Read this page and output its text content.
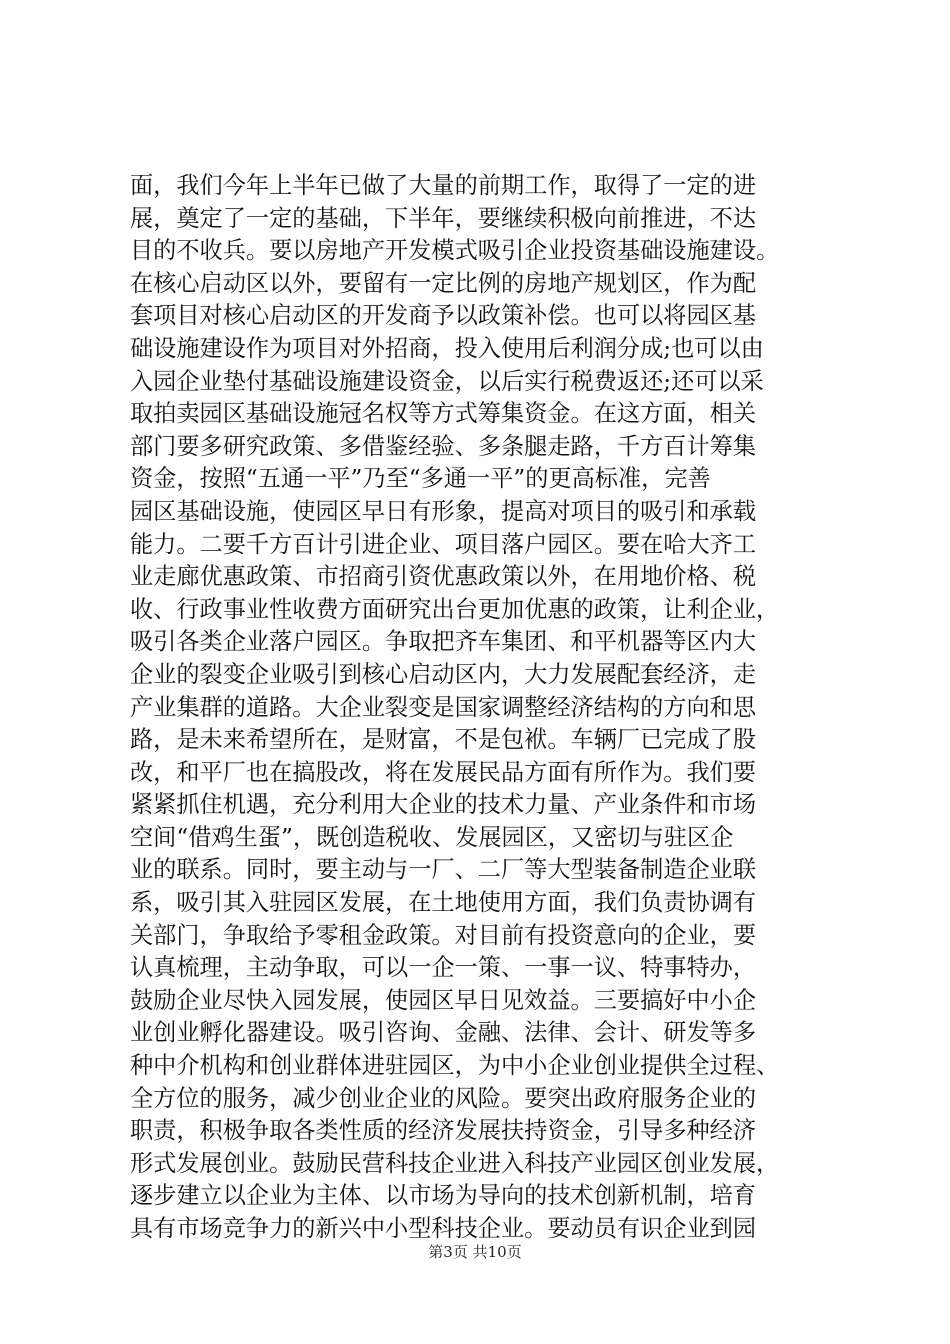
面，我们今年上半年已做了大量的前期工作，取得了一定的进
展，奠定了一定的基础，下半年，要继续积极向前推进，不达
目的不收兵。要以房地产开发模式吸引企业投资基础设施建设。
在核心启动区以外，要留有一定比例的房地产规划区，作为配
套项目对核心启动区的开发商予以政策补偿。也可以将园区基
础设施建设作为项目对外招商，投入使用后利润分成;也可以由
入园企业垫付基础设施建设资金，以后实行税费返还;还可以采
取拍卖园区基础设施冠名权等方式筹集资金。在这方面，相关
部门要多研究政策、多借鉴经验、多条腿走路，千方百计筹集
资金，按照“五通一平”乃至“多通一平”的更高标准，完善
园区基础设施，使园区早日有形象，提高对项目的吸引和承载
能力。二要千方百计引进企业、项目落户园区。要在哈大齐工
业走廊优惠政策、市招商引资优惠政策以外，在用地价格、税
收、行政事业性收费方面研究出台更加优惠的政策，让利企业，
吸引各类企业落户园区。争取把齐车集团、和平机器等区内大
企业的裂变企业吸引到核心启动区内，大力发展配套经济，走
产业集群的道路。大企业裂变是国家调整经济结构的方向和思
路，是未来希望所在，是财富，不是包袱。车辆厂已完成了股
改，和平厂也在搞股改，将在发展民品方面有所作为。我们要
紧紧抓住机遇，充分利用大企业的技术力量、产业条件和市场
空间“借鸡生蛋”，既创造税收、发展园区，又密切与驻区企
业的联系。同时，要主动与一厂、二厂等大型装备制造企业联
系，吸引其入驻园区发展，在土地使用方面，我们负责协调有
关部门，争取给予零租金政策。对目前有投资意向的企业，要
认真梳理，主动争取，可以一企一策、一事一议、特事特办，
鼓励企业尽快入园发展，使园区早日见效益。三要搞好中小企
业创业孵化器建设。吸引咨询、金融、法律、会计、研发等多
种中介机构和创业群体进驻园区，为中小企业创业提供全过程、
全方位的服务，减少创业企业的风险。要突出政府服务企业的
职责，积极争取各类性质的经济发展扶持资金，引导多种经济
形式发展创业。鼓励民营科技企业进入科技产业园区创业发展，
逐步建立以企业为主体、以市场为导向的技术创新机制，培育
具有市场竞争力的新兴中小型科技企业。要动员有识企业到园
第3页 共10页
